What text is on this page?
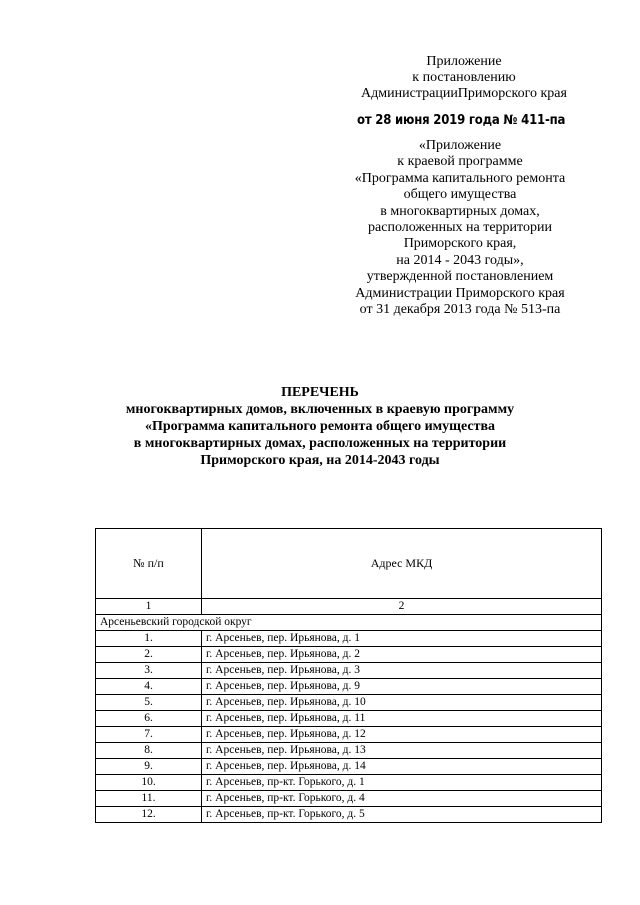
Приложение
к постановлению
АдминистрацииПриморского края
от 28 июня 2019 года № 411-па
«Приложение
к краевой программе
«Программа капитального ремонта
общего имущества
в многоквартирных домах,
расположенных на территории
Приморского края,
на 2014 - 2043 годы»,
утвержденной постановлением
Администрации Приморского края
от 31 декабря 2013 года № 513-па
ПЕРЕЧЕНЬ
многоквартирных домов, включенных в краевую программу
«Программа капитального ремонта общего имущества
в многоквартирных домах, расположенных на территории
Приморского края, на 2014-2043 годы
№ п/п	Адрес МКД
1	2
Арсеньевский городской округ	
1.	г. Арсеньев, пер. Ирьянова, д. 1
2.	г. Арсеньев, пер. Ирьянова, д. 2
3.	г. Арсеньев, пер. Ирьянова, д. 3
4.	г. Арсеньев, пер. Ирьянова, д. 9
5.	г. Арсеньев, пер. Ирьянова, д. 10
6.	г. Арсеньев, пер. Ирьянова, д. 11
7.	г. Арсеньев, пер. Ирьянова, д. 12
8.	г. Арсеньев, пер. Ирьянова, д. 13
9.	г. Арсеньев, пер. Ирьянова, д. 14
10.	г. Арсеньев, пр-кт. Горького, д. 1
11.	г. Арсеньев, пр-кт. Горького, д. 4
12.	г. Арсеньев, пр-кт. Горького, д. 5
